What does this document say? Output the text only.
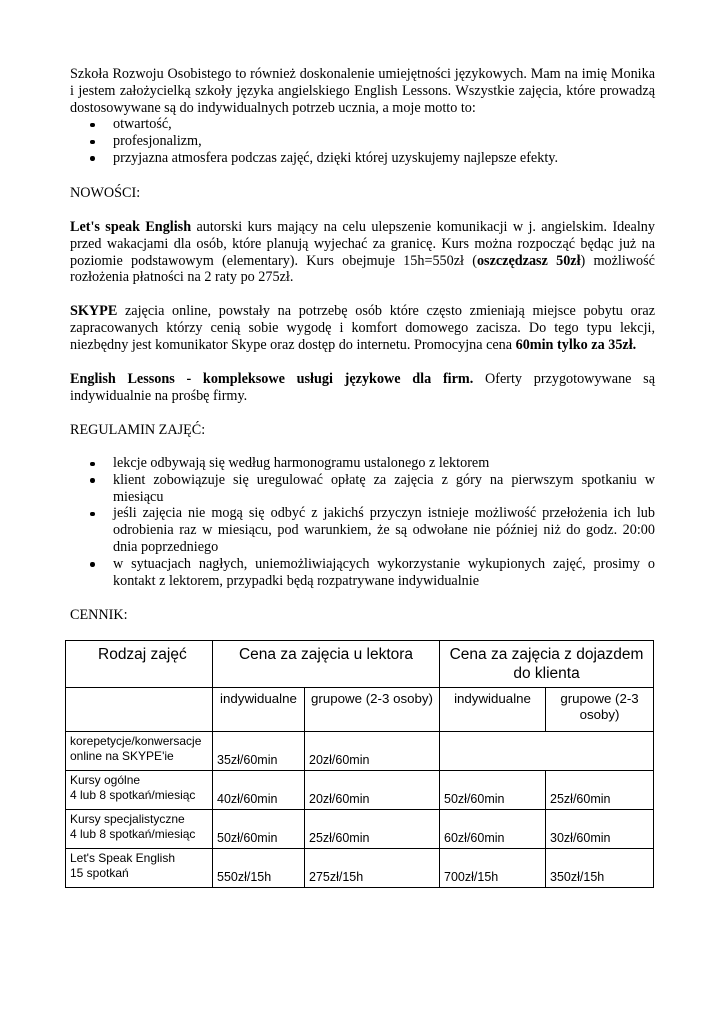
Szkoła Rozwoju Osobistego to również doskonalenie umiejętności językowych. Mam na imię Monika i jestem założycielką szkoły języka angielskiego English Lessons. Wszystkie zajęcia, które prowadzą dostosowywane są do indywidualnych potrzeb ucznia, a moje motto to:
otwartość,
profesjonalizm,
przyjazna atmosfera podczas zajęć, dzięki której uzyskujemy najlepsze efekty.
NOWOŚCI:
Let's speak English autorski kurs mający na celu ulepszenie komunikacji w j. angielskim. Idealny przed wakacjami dla osób, które planują wyjechać za granicę. Kurs można rozpocząć będąc już na poziomie podstawowym (elementary). Kurs obejmuje 15h=550zł (oszczędzasz 50zł) możliwość rozłożenia płatności na 2 raty po 275zł.
SKYPE zajęcia online, powstały na potrzebę osób które często zmieniają miejsce pobytu oraz zapracowanych którzy cenią sobie wygodę i komfort domowego zacisza. Do tego typu lekcji, niezbędny jest komunikator Skype oraz dostęp do internetu. Promocyjna cena 60min tylko za 35zł.
English Lessons - kompleksowe usługi językowe dla firm. Oferty przygotowywane są indywidualnie na prośbę firmy.
REGULAMIN ZAJĘĆ:
lekcje odbywają się według harmonogramu ustalonego z lektorem
klient zobowiązuje się uregulować opłatę za zajęcia z góry na pierwszym spotkaniu w miesiącu
jeśli zajęcia nie mogą się odbyć z jakichś przyczyn istnieje możliwość przełożenia ich lub odrobienia raz w miesiącu, pod warunkiem, że są odwołane nie później niż do godz. 20:00 dnia poprzedniego
w sytuacjach nagłych, uniemożliwiających wykorzystanie wykupionych zajęć, prosimy o kontakt z lektorem, przypadki będą rozpatrywane indywidualnie
CENNIK:
Rodzaj zajęć	Cena za zajęcia u lektora		Cena za zajęcia z dojazdem do klienta	
	indywidualne	grupowe (2-3 osoby)	indywidualne	grupowe (2-3 osoby)
korepetycje/konwersacje
online na SKYPE'ie	35zł/60min	20zł/60min		
Kursy ogólne
4 lub 8 spotkań/miesiąc	40zł/60min	20zł/60min	50zł/60min	25zł/60min
Kursy specjalistyczne
4 lub 8 spotkań/miesiąc	50zł/60min	25zł/60min	60zł/60min	30zł/60min
Let's Speak English
15 spotkań	550zł/15h	275zł/15h	700zł/15h	350zł/15h
